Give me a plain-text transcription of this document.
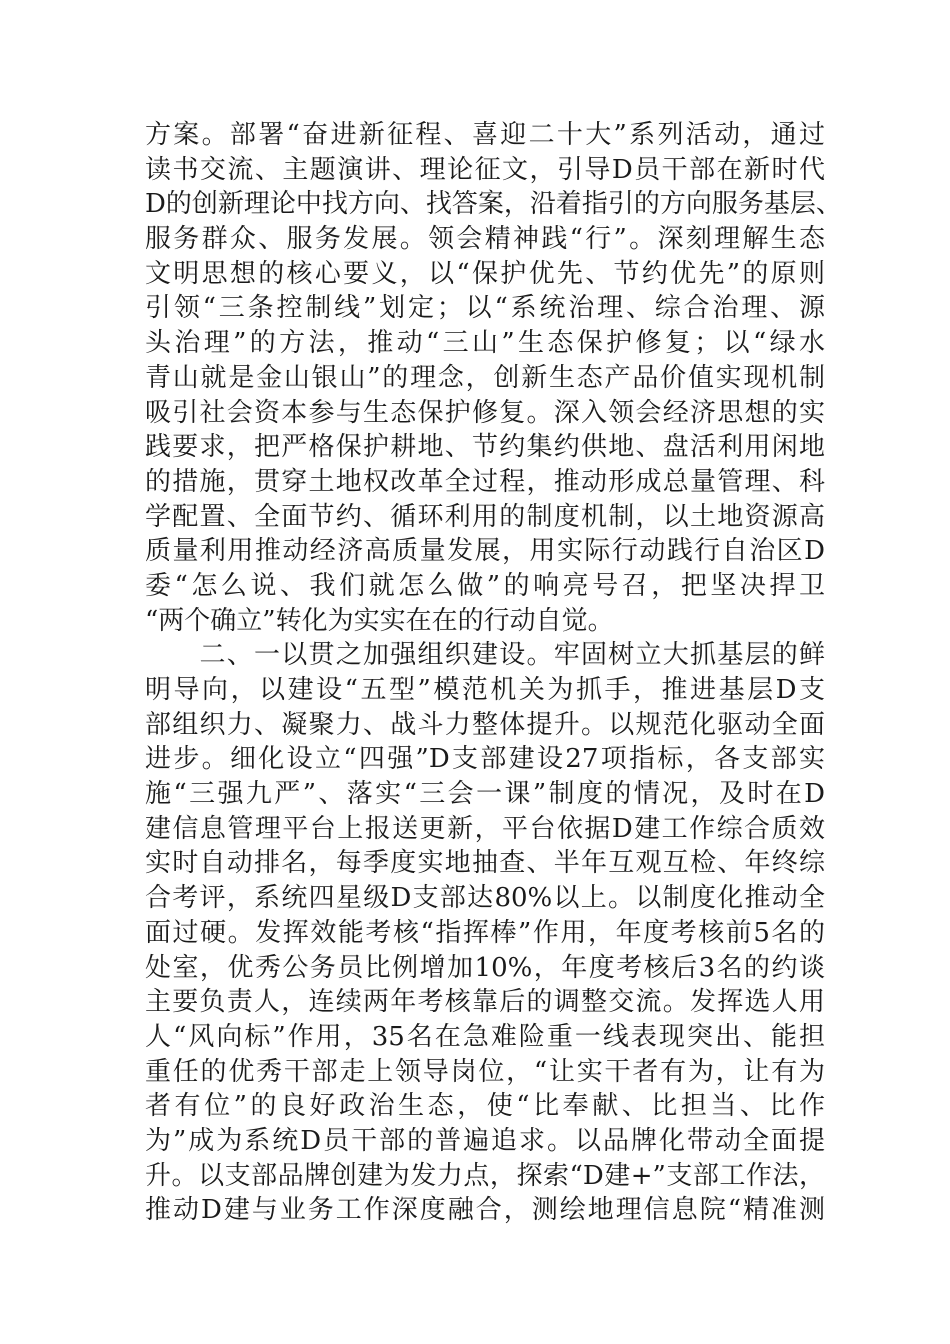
方案。部署“奋进新征程、喜迎二十大”系列活动，通过
读书交流、主题演讲、理论征文，引导D员干部在新时代
D的创新理论中找方向、找答案，沿着指引的方向服务基层、
服务群众、服务发展。领会精神践“行”。深刻理解生态
文明思想的核心要义，以“保护优先、节约优先”的原则
引领“三条控制线”划定；以“系统治理、综合治理、源
头治理”的方法，推动“三山”生态保护修复；以“绿水
青山就是金山银山”的理念，创新生态产品价值实现机制
吸引社会资本参与生态保护修复。深入领会经济思想的实
践要求，把严格保护耕地、节约集约供地、盘活利用闲地
的措施，贯穿土地权改革全过程，推动形成总量管理、科
学配置、全面节约、循环利用的制度机制，以土地资源高
质量利用推动经济高质量发展，用实际行动践行自治区D
委“怎么说、我们就怎么做”的响亮号召，把坚决捍卫
“两个确立”转化为实实在在的行动自觉。
　　二、一以贯之加强组织建设。牢固树立大抓基层的鲜
明导向，以建设“五型”模范机关为抓手，推进基层D支
部组织力、凝聚力、战斗力整体提升。以规范化驱动全面
进步。细化设立“四强”D支部建设27项指标，各支部实
施“三强九严”、落实“三会一课”制度的情况，及时在D
建信息管理平台上报送更新，平台依据D建工作综合质效
实时自动排名，每季度实地抽查、半年互观互检、年终综
合考评，系统四星级D支部达80%以上。以制度化推动全
面过硬。发挥效能考核“指挥棒”作用，年度考核前5名的
处室，优秀公务员比例增加10%，年度考核后3名的约谈
主要负责人，连续两年考核靠后的调整交流。发挥选人用
人“风向标”作用，35名在急难险重一线表现突出、能担
重任的优秀干部走上领导岗位，“让实干者有为，让有为
者有位”的良好政治生态，使“比奉献、比担当、比作
为”成为系统D员干部的普遍追求。以品牌化带动全面提
升。以支部品牌创建为发力点，探索“D建+”支部工作法，
推动D建与业务工作深度融合，测绘地理信息院“精准测
